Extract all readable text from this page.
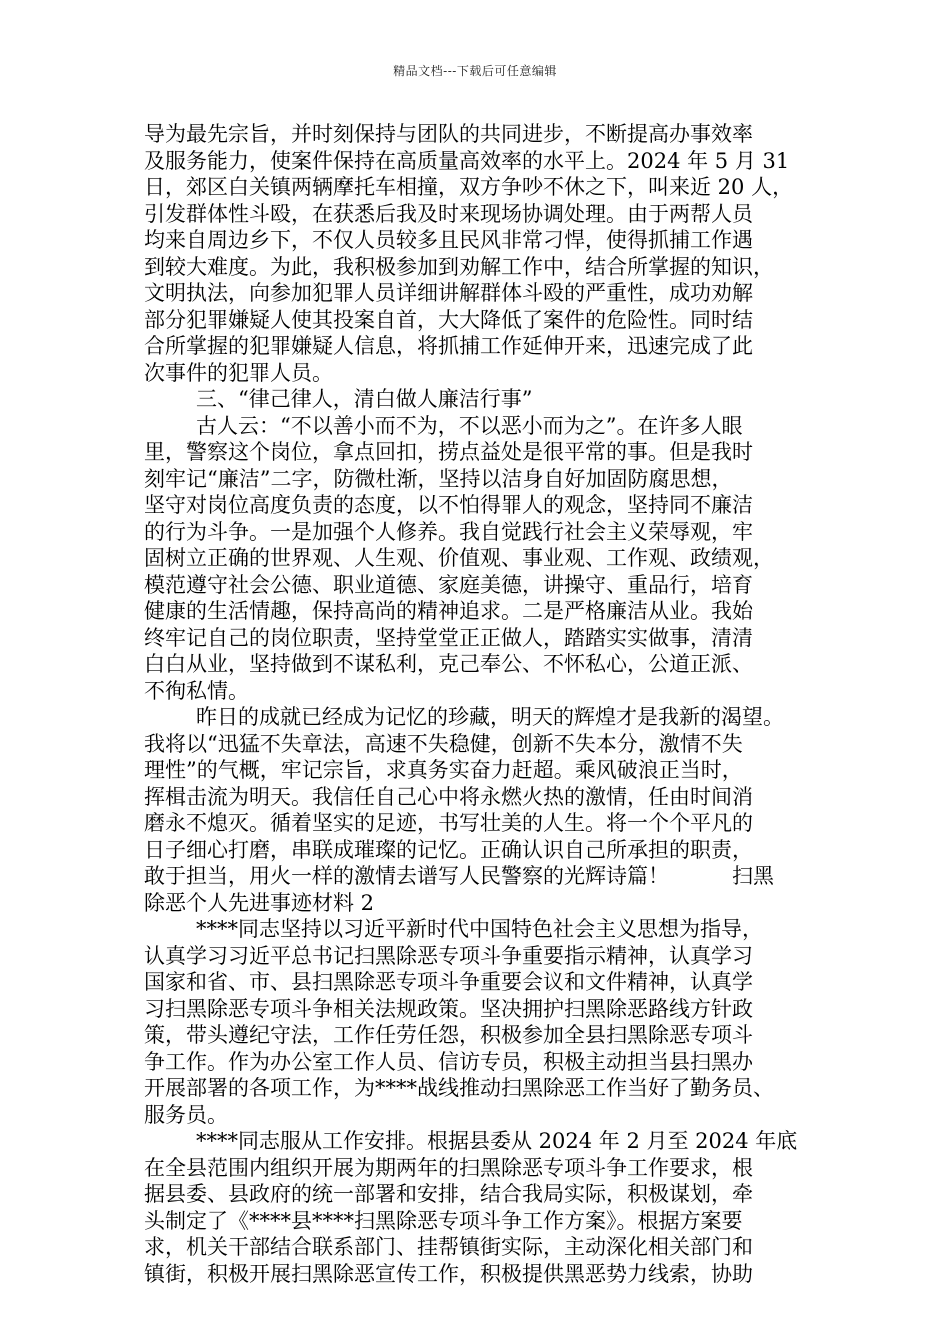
精品文档---下载后可任意编辑
导为最先宗旨，并时刻保持与团队的共同进步，不断提高办事效率
及服务能力，使案件保持在高质量高效率的水平上。2024 年 5 月 31
日，郊区白关镇两辆摩托车相撞，双方争吵不休之下，叫来近 20 人，
引发群体性斗殴，在获悉后我及时来现场协调处理。由于两帮人员
均来自周边乡下，不仅人员较多且民风非常刁悍，使得抓捕工作遇
到较大难度。为此，我积极参加到劝解工作中，结合所掌握的知识，
文明执法，向参加犯罪人员详细讲解群体斗殴的严重性，成功劝解
部分犯罪嫌疑人使其投案自首，大大降低了案件的危险性。同时结
合所掌握的犯罪嫌疑人信息，将抓捕工作延伸开来，迅速完成了此
次事件的犯罪人员。
三、“律己律人，清白做人廉洁行事”
古人云：“不以善小而不为，不以恶小而为之”。在许多人眼
里，警察这个岗位，拿点回扣，捞点益处是很平常的事。但是我时
刻牢记“廉洁”二字，防微杜渐，坚持以洁身自好加固防腐思想，
坚守对岗位高度负责的态度，以不怕得罪人的观念，坚持同不廉洁
的行为斗争。一是加强个人修养。我自觉践行社会主义荣辱观，牢
固树立正确的世界观、人生观、价值观、事业观、工作观、政绩观，
模范遵守社会公德、职业道德、家庭美德，讲操守、重品行，培育
健康的生活情趣，保持高尚的精神追求。二是严格廉洁从业。我始
终牢记自己的岗位职责，坚持堂堂正正做人，踏踏实实做事，清清
白白从业，坚持做到不谋私利，克己奉公、不怀私心，公道正派、
不徇私情。
昨日的成就已经成为记忆的珍藏，明天的辉煌才是我新的渴望。
我将以“迅猛不失章法，高速不失稳健，创新不失本分，激情不失
理性”的气概，牢记宗旨，求真务实奋力赶超。乘风破浪正当时，
挥楫击流为明天。我信任自己心中将永燃火热的激情，任由时间消
磨永不熄灭。循着坚实的足迹，书写壮美的人生。将一个个平凡的
日子细心打磨，串联成璀璨的记忆。正确认识自己所承担的职责，
敢于担当，用火一样的激情去谱写人民警察的光辉诗篇！　　　扫黑
除恶个人先进事迹材料 2
****同志坚持以习近平新时代中国特色社会主义思想为指导，
认真学习习近平总书记扫黑除恶专项斗争重要指示精神，认真学习
国家和省、市、县扫黑除恶专项斗争重要会议和文件精神，认真学
习扫黑除恶专项斗争相关法规政策。坚决拥护扫黑除恶路线方针政
策，带头遵纪守法，工作任劳任怨，积极参加全县扫黑除恶专项斗
争工作。作为办公室工作人员、信访专员，积极主动担当县扫黑办
开展部署的各项工作，为****战线推动扫黑除恶工作当好了勤务员、
服务员。
****同志服从工作安排。根据县委从 2024 年 2 月至 2024 年底
在全县范围内组织开展为期两年的扫黑除恶专项斗争工作要求，根
据县委、县政府的统一部署和安排，结合我局实际，积极谋划，牵
头制定了《****县****扫黑除恶专项斗争工作方案》。根据方案要
求，机关干部结合联系部门、挂帮镇街实际，主动深化相关部门和
镇街，积极开展扫黑除恶宣传工作，积极提供黑恶势力线索，协助
